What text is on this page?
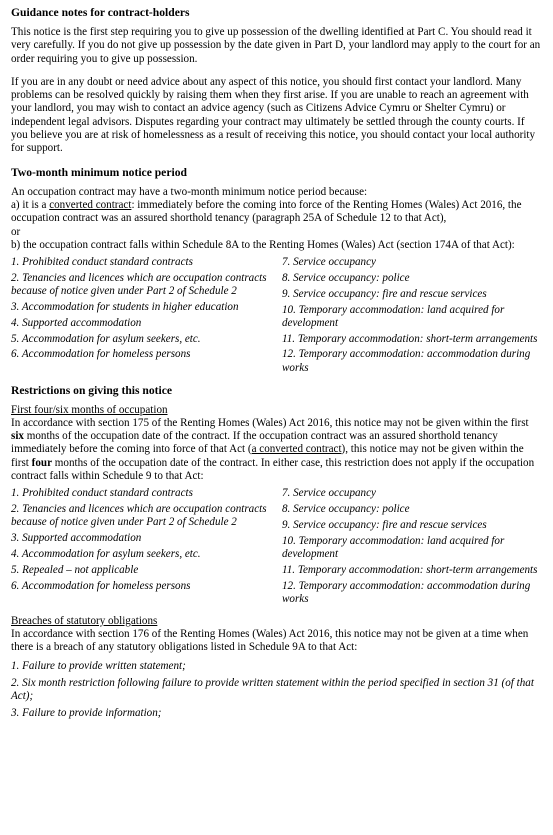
Guidance notes for contract-holders

This notice is the first step requiring you to give up possession of the dwelling identified at Part C. You should read it very carefully. If you do not give up possession by the date given in Part D, your landlord may apply to the court for an order requiring you to give up possession.

If you are in any doubt or need advice about any aspect of this notice, you should first contact your landlord. Many problems can be resolved quickly by raising them when they first arise. If you are unable to reach an agreement with your landlord, you may wish to contact an advice agency (such as Citizens Advice Cymru or Shelter Cymru) or independent legal advisors. Disputes regarding your contract may ultimately be settled through the county courts. If you believe you are at risk of homelessness as a result of receiving this notice, you should contact your local authority for support.

Two-month minimum notice period

An occupation contract may have a two-month minimum notice period because:

a) it is a converted contract: immediately before the coming into force of the Renting Homes (Wales) Act 2016, the occupation contract was an assured shorthold tenancy (paragraph 25A of Schedule 12 to that Act),

or

b) the occupation contract falls within Schedule 8A to the Renting Homes (Wales) Act (section 174A of that Act):

1. Prohibited conduct standard contracts
2. Tenancies and licences which are occupation contracts because of notice given under Part 2 of Schedule 2
3. Accommodation for students in higher education
4. Supported accommodation
5. Accommodation for asylum seekers, etc.
6. Accommodation for homeless persons
7. Service occupancy
8. Service occupancy: police
9. Service occupancy: fire and rescue services
10. Temporary accommodation: land acquired for development
11. Temporary accommodation: short-term arrangements
12. Temporary accommodation: accommodation during works
Restrictions on giving this notice

First four/six months of occupation

In accordance with section 175 of the Renting Homes (Wales) Act 2016, this notice may not be given within the first six months of the occupation date of the contract. If the occupation contract was an assured shorthold tenancy immediately before the coming into force of that Act (a converted contract), this notice may not be given within the first four months of the occupation date of the contract. In either case, this restriction does not apply if the occupation contract falls within Schedule 9 to that Act:

1. Prohibited conduct standard contracts
2. Tenancies and licences which are occupation contracts because of notice given under Part 2 of Schedule 2
3. Supported accommodation
4. Accommodation for asylum seekers, etc.
5. Repealed – not applicable
6. Accommodation for homeless persons
7. Service occupancy
8. Service occupancy: police
9. Service occupancy: fire and rescue services
10. Temporary accommodation: land acquired for development
11. Temporary accommodation: short-term arrangements
12. Temporary accommodation: accommodation during works

Breaches of statutory obligations

In accordance with section 176 of the Renting Homes (Wales) Act 2016, this notice may not be given at a time when there is a breach of any statutory obligations listed in Schedule 9A to that Act:

1. Failure to provide written statement;
2. Six month restriction following failure to provide written statement within the period specified in section 31 (of that Act);
3. Failure to provide information;
